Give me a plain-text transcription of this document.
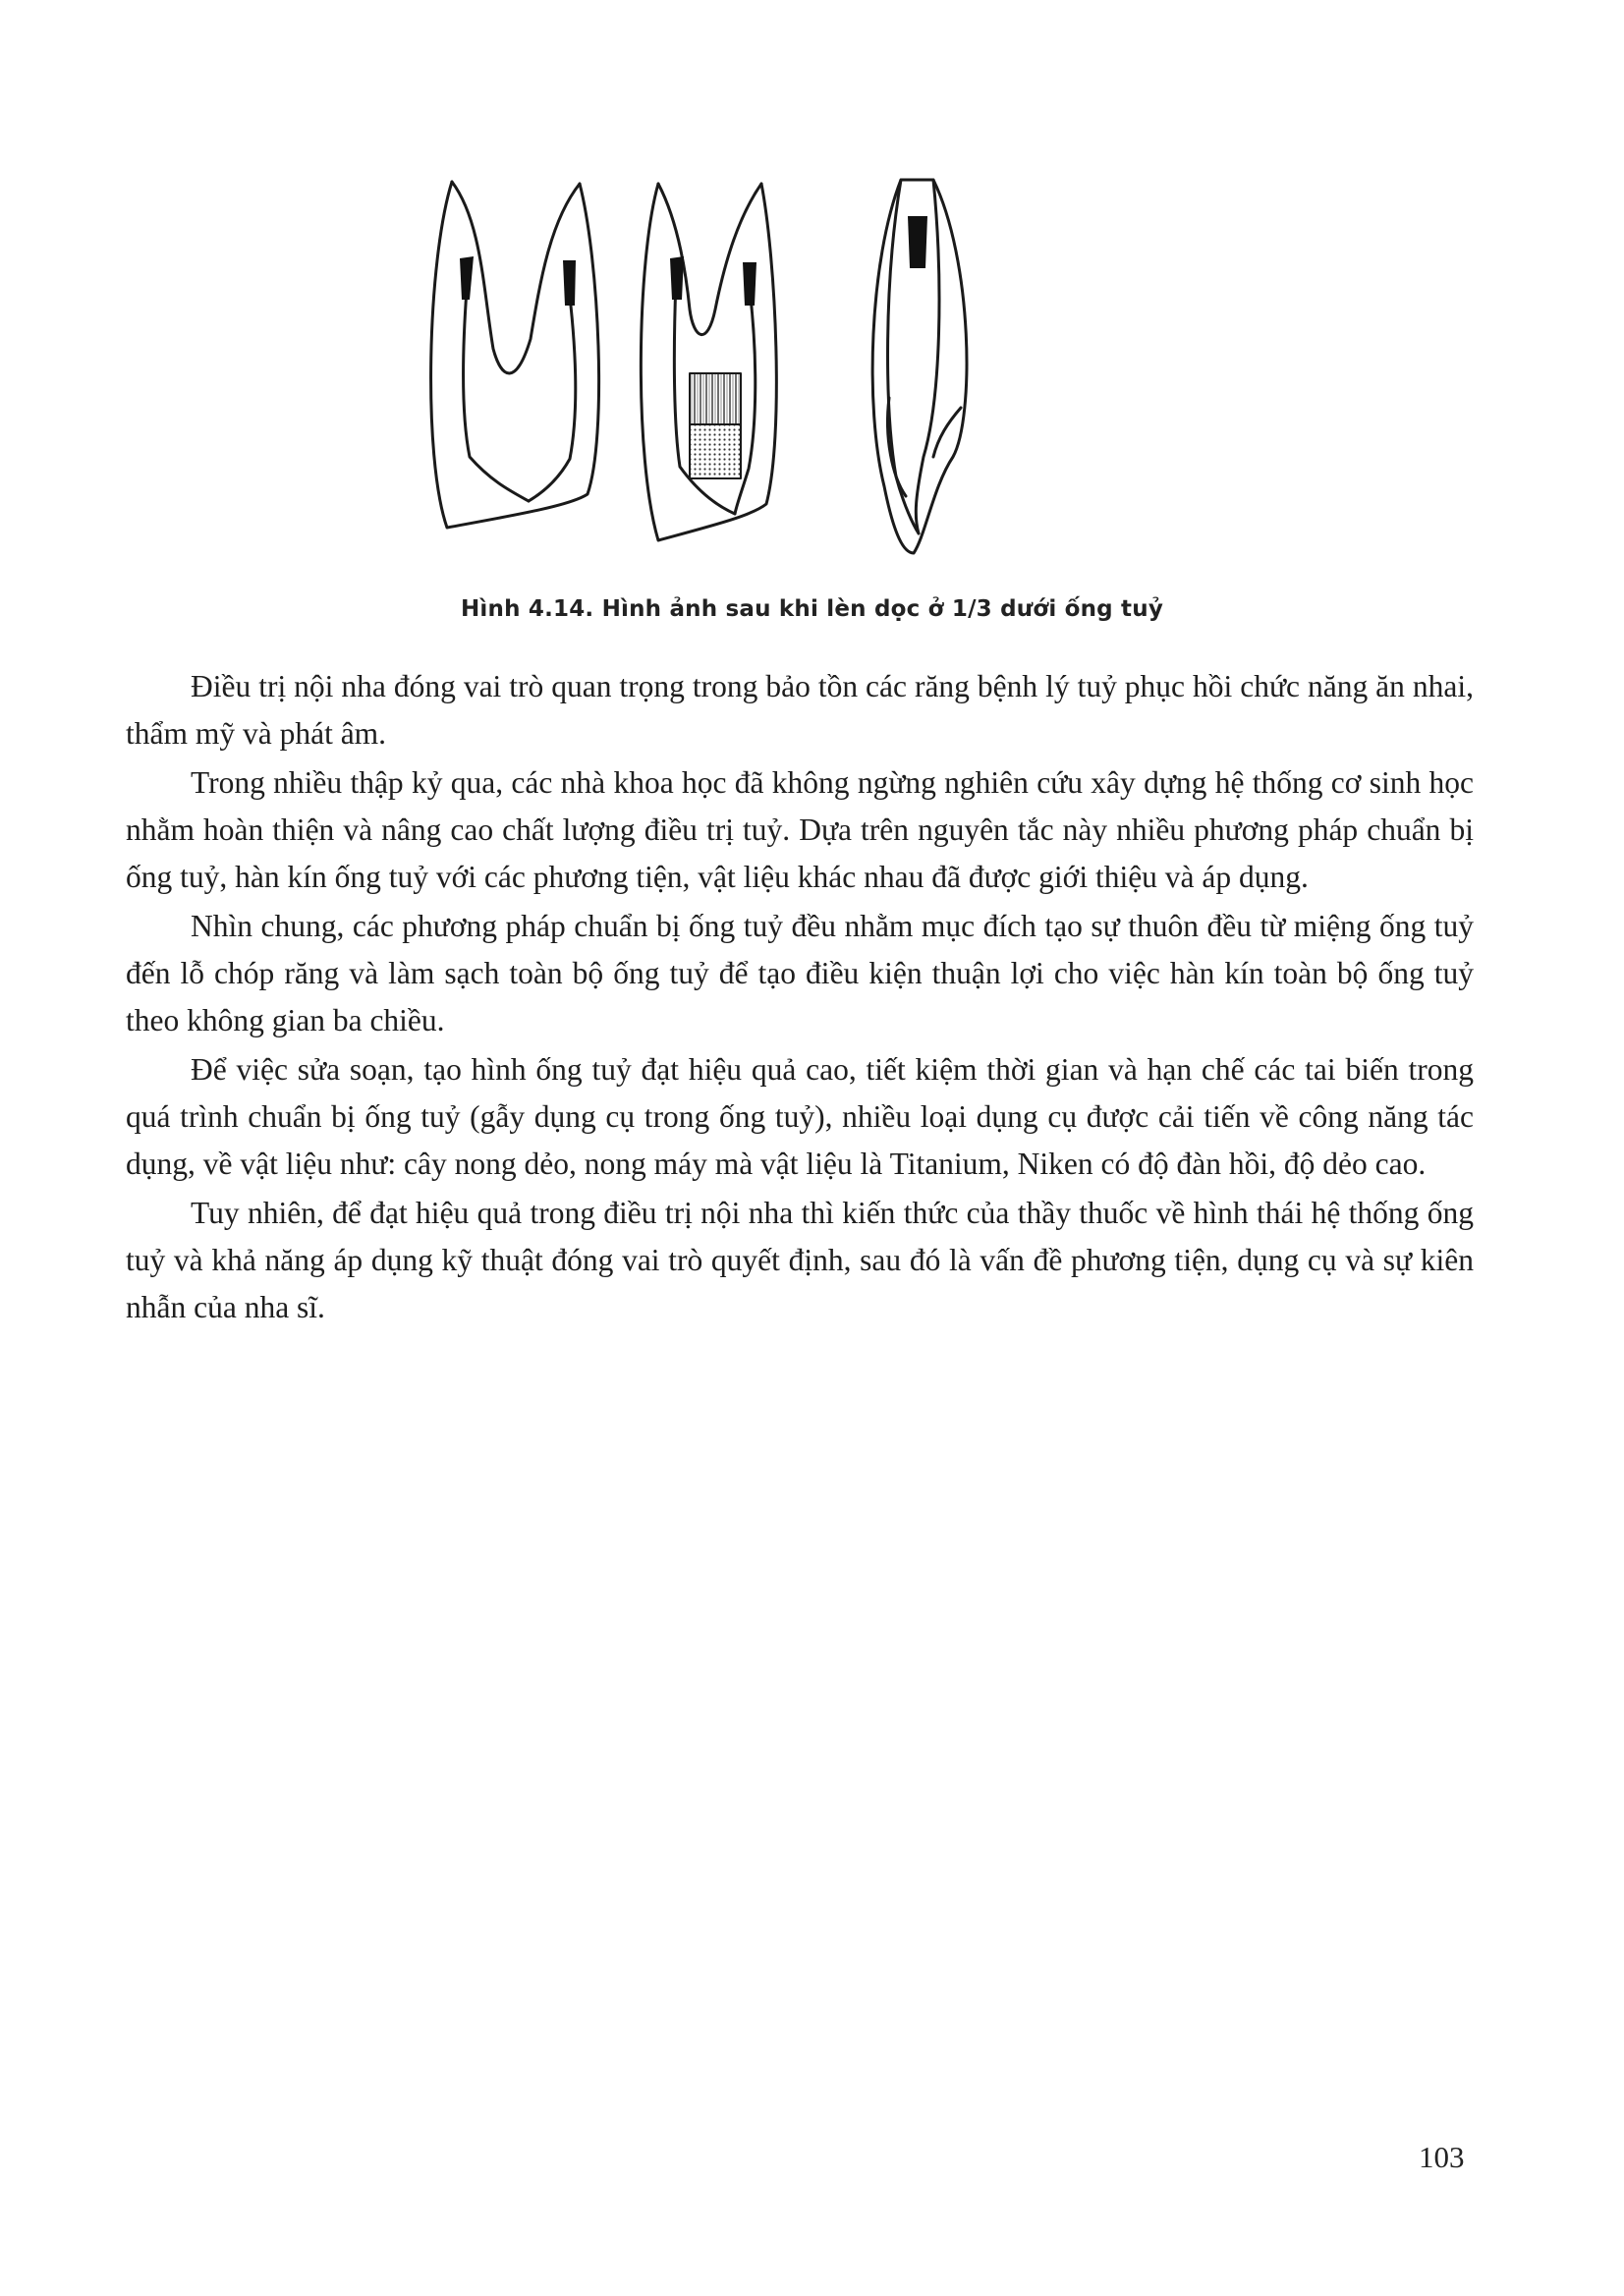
Hình 4.14. Hình ảnh sau khi lèn dọc ở 1/3 dưới ống tuỷ

Điều trị nội nha đóng vai trò quan trọng trong bảo tồn các răng bệnh lý tuỷ phục hồi chức năng ăn nhai, thẩm mỹ và phát âm.

Trong nhiều thập kỷ qua, các nhà khoa học đã không ngừng nghiên cứu xây dựng hệ thống cơ sinh học nhằm hoàn thiện và nâng cao chất lượng điều trị tuỷ. Dựa trên nguyên tắc này nhiều phương pháp chuẩn bị ống tuỷ, hàn kín ống tuỷ với các phương tiện, vật liệu khác nhau đã được giới thiệu và áp dụng.

Nhìn chung, các phương pháp chuẩn bị ống tuỷ đều nhằm mục đích tạo sự thuôn đều từ miệng ống tuỷ đến lỗ chóp răng và làm sạch toàn bộ ống tuỷ để tạo điều kiện thuận lợi cho việc hàn kín toàn bộ ống tuỷ theo không gian ba chiều.

Để việc sửa soạn, tạo hình ống tuỷ đạt hiệu quả cao, tiết kiệm thời gian và hạn chế các tai biến trong quá trình chuẩn bị ống tuỷ (gẫy dụng cụ trong ống tuỷ), nhiều loại dụng cụ được cải tiến về công năng tác dụng, về vật liệu như: cây nong dẻo, nong máy mà vật liệu là Titanium, Niken có độ đàn hồi, độ dẻo cao.

Tuy nhiên, để đạt hiệu quả trong điều trị nội nha thì kiến thức của thầy thuốc về hình thái hệ thống ống tuỷ và khả năng áp dụng kỹ thuật đóng vai trò quyết định, sau đó là vấn đề phương tiện, dụng cụ và sự kiên nhẫn của nha sĩ.

103
